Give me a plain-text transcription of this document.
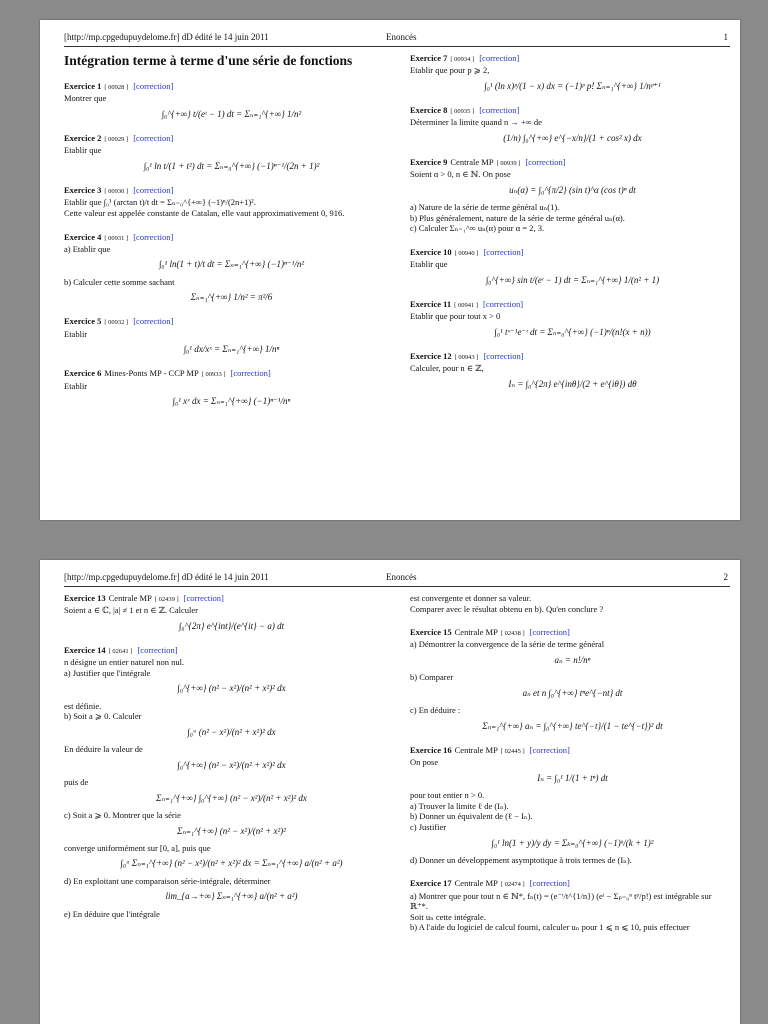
[http://mp.cpgedupuydelome.fr] dD édité le 14 juin 2011	Enoncés	1
Intégration terme à terme d'une série de fonctions
Exercice 1 [ 00928 ] [correction]
Montrer que
∫₀^{+∞} t/(eᵗ − 1) dt = Σₙ₌₁^{+∞} 1/n²
Exercice 2 [ 00929 ] [correction]
Etablir que
∫₀¹ ln t/(1 + t²) dt = Σₙ₌₀^{+∞} (−1)ⁿ⁻¹/(2n + 1)²
Exercice 3 [ 00930 ] [correction]
Etablir que ∫₀¹ (arctan t)/t dt = Σₙ₌₀^{+∞} (−1)ⁿ/(2n+1)².
Cette valeur est appelée constante de Catalan, elle vaut approximativement 0, 916.
Exercice 4 [ 00931 ] [correction]
a) Etablir que
∫₀¹ ln(1 + t)/t dt = Σₙ₌₁^{+∞} (−1)ⁿ⁻¹/n²
b) Calculer cette somme sachant
Σₙ₌₁^{+∞} 1/n² = π²/6
Exercice 5 [ 00932 ] [correction]
Etablir
∫₀¹ dx/xˣ = Σₙ₌₁^{+∞} 1/nⁿ
Exercice 6 Mines-Ponts MP - CCP MP [ 00933 ] [correction]
Etablir
∫₀¹ xˣ dx = Σₙ₌₁^{+∞} (−1)ⁿ⁻¹/nⁿ
Exercice 7 [ 00934 ] [correction]
Etablir que pour p ⩾ 2,
∫₀¹ (ln x)ᵖ/(1 − x) dx = (−1)ᵖ p! Σₙ₌₁^{+∞} 1/nᵖ⁺¹
Exercice 8 [ 00935 ] [correction]
Déterminer la limite quand n → +∞ de
(1/n) ∫₀^{+∞} e^{−x/n}/(1 + cos² x) dx
Exercice 9 Centrale MP [ 00939 ] [correction]
Soient α > 0, n ∈ ℕ. On pose
uₙ(α) = ∫₀^{π/2} (sin t)^α (cos t)ⁿ dt
a) Nature de la série de terme général uₙ(1).
b) Plus généralement, nature de la série de terme général uₙ(α).
c) Calculer Σₙ₌₁^∞ uₙ(α) pour α = 2, 3.
Exercice 10 [ 00940 ] [correction]
Etablir que
∫₀^{+∞} sin t/(eᵗ − 1) dt = Σₙ₌₁^{+∞} 1/(n² + 1)
Exercice 11 [ 00941 ] [correction]
Etablir que pour tout x > 0
∫₀¹ tˣ⁻¹e⁻ᵗ dt = Σₙ₌₀^{+∞} (−1)ⁿ/(n!(x + n))
Exercice 12 [ 00943 ] [correction]
Calculer, pour n ∈ ℤ,
Iₙ = ∫₀^{2π} e^{inθ}/(2 + e^{iθ}) dθ
[http://mp.cpgedupuydelome.fr] dD édité le 14 juin 2011	Enoncés	2
Exercice 13 Centrale MP [ 02439 ] [correction]
Soient a ∈ ℂ, |a| ≠ 1 et n ∈ ℤ. Calculer
∫₀^{2π} e^{int}/(e^{it} − a) dt
Exercice 14 [ 02641 ] [correction]
n désigne un entier naturel non nul.
a) Justifier que l'intégrale
∫₀^{+∞} (n² − x²)/(n² + x²)² dx
est définie.
b) Soit a ⩾ 0. Calculer
∫₀ᵃ (n² − x²)/(n² + x²)² dx
En déduire la valeur de
∫₀^{+∞} (n² − x²)/(n² + x²)² dx
puis de
Σₙ₌₁^{+∞} ∫₀^{+∞} (n² − x²)/(n² + x²)² dx
c) Soit a ⩾ 0. Montrer que la série
Σₙ₌₁^{+∞} (n² − x²)/(n² + x²)²
converge uniformément sur [0, a], puis que
∫₀ᵃ Σₙ₌₁^{+∞} (n² − x²)/(n² + x²)² dx = Σₙ₌₁^{+∞} a/(n² + a²)
d) En exploitant une comparaison série-intégrale, déterminer
lim_{a→+∞} Σₙ₌₁^{+∞} a/(n² + a²)
e) En déduire que l'intégrale
est convergente et donner sa valeur.
Comparer avec le résultat obtenu en b). Qu'en conclure ?
Exercice 15 Centrale MP [ 02438 ] [correction]
a) Démontrer la convergence de la série de terme général
aₙ = n!/nⁿ
b) Comparer
aₙ et n ∫₀^{+∞} tⁿe^{−nt} dt
c) En déduire :
Σₙ₌₁^{+∞} aₙ = ∫₀^{+∞} te^{−t}/(1 − te^{−t})² dt
Exercice 16 Centrale MP [ 02445 ] [correction]
On pose
Iₙ = ∫₀¹ 1/(1 + tⁿ) dt
pour tout entier n > 0.
a) Trouver la limite ℓ de (Iₙ).
b) Donner un équivalent de (ℓ − Iₙ).
c) Justifier
∫₀¹ ln(1 + y)/y dy = Σₖ₌₀^{+∞} (−1)ᵏ/(k + 1)²
d) Donner un développement asymptotique à trois termes de (Iₙ).
Exercice 17 Centrale MP [ 02474 ] [correction]
a) Montrer que pour tout n ∈ ℕ*, fₙ(t) = (e⁻ᵗ/t^{1/n}) (eᵗ − Σₚ₌₀ⁿ tᵖ/p!) est intégrable sur
ℝ⁺*.
Soit uₙ cette intégrale.
b) A l'aide du logiciel de calcul fourni, calculer uₙ pour 1 ⩽ n ⩽ 10, puis effectuer
